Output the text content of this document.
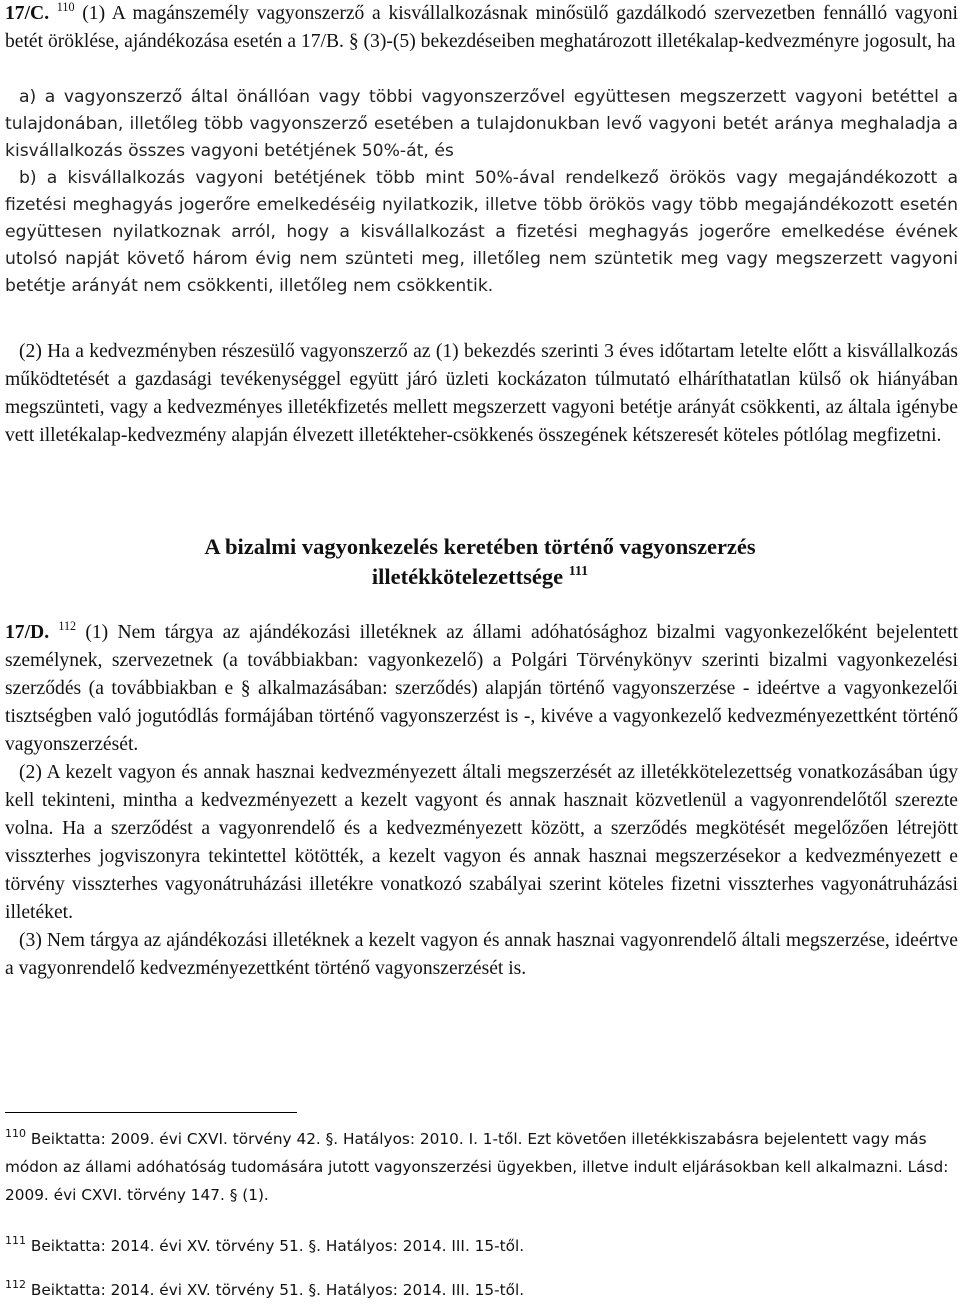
17/C. $^{110}$ (1) A magánszemély vagyonszerző a kisvállalkozásnak minősülő gazdálkodó szervezetben fennálló vagyoni betét öröklése, ajándékozása esetén a 17/B. § (3)-(5) bekezdéseiben meghatározott illetékalap-kedvezményre jogosult, ha

a) a vagyonszerző által önállóan vagy többi vagyonszerzővel együttesen megszerzett vagyoni betéttel a tulajdonában, illetőleg több vagyonszerző esetében a tulajdonukban levő vagyoni betét aránya meghaladja a kisvállalkozás összes vagyoni betétjének 50%-át, és

b) a kisvállalkozás vagyoni betétjének több mint 50%-ával rendelkező örökös vagy megajándékozott a fizetési meghagyás jogerőre emelkedéséig nyilatkozik, illetve több örökös vagy több megajándékozott esetén együttesen nyilatkoznak arról, hogy a kisvállalkozást a fizetési meghagyás jogerőre emelkedése évének utolsó napját követő három évig nem szünteti meg, illetőleg nem szüntetik meg vagy megszerzett vagyoni betétje arányát nem csökkenti, illetőleg nem csökkentik.

(2) Ha a kedvezményben részesülő vagyonszerző az (1) bekezdés szerinti 3 éves időtartam letelte előtt a kisvállalkozás működtetését a gazdasági tevékenységgel együtt járó üzleti kockázaton túlmutató elháríthatatlan külső ok hiányában megszünteti, vagy a kedvezményes illetékfizetés mellett megszerzett vagyoni betétje arányát csökkenti, az általa igénybe vett illetékalap-kedvezmény alapján élvezett illetékteher-csökkenés összegének kétszeresét köteles pótlólag megfizetni.

A bizalmi vagyonkezelés keretében történő vagyonszerzés
illetékkötelezettsége $^{111}$

17/D. $^{112}$ (1) Nem tárgya az ajándékozási illetéknek az állami adóhatósághoz bizalmi vagyonkezelőként bejelentett személynek, szervezetnek (a továbbiakban: vagyonkezelő) a Polgári Törvénykönyv szerinti bizalmi vagyonkezelési szerződés (a továbbiakban e § alkalmazásában: szerződés) alapján történő vagyonszerzése - ideértve a vagyonkezelői tisztségben való jogutódlás formájában történő vagyonszerzést is -, kivéve a vagyonkezelő kedvezményezettként történő vagyonszerzését.

(2) A kezelt vagyon és annak hasznai kedvezményezett általi megszerzését az illetékkötelezettség vonatkozásában úgy kell tekinteni, mintha a kedvezményezett a kezelt vagyont és annak hasznait közvetlenül a vagyonrendelőtől szerezte volna. Ha a szerződést a vagyonrendelő és a kedvezményezett között, a szerződés megkötését megelőzően létrejött visszterhes jogviszonyra tekintettel kötötték, a kezelt vagyon és annak hasznai megszerzésekor a kedvezményezett e törvény visszterhes vagyonátruházási illetékre vonatkozó szabályai szerint köteles fizetni visszterhes vagyonátruházási illetéket.

(3) Nem tárgya az ajándékozási illetéknek a kezelt vagyon és annak hasznai vagyonrendelő általi megszerzése, ideértve a vagyonrendelő kedvezményezettként történő vagyonszerzését is.

$^{110}$ Beiktatta: 2009. évi CXVI. törvény 42. §. Hatályos: 2010. I. 1-től. Ezt követően illetékkiszabásra bejelentett vagy más módon az állami adóhatóság tudomására jutott vagyonszerzési ügyekben, illetve indult eljárásokban kell alkalmazni. Lásd: 2009. évi CXVI. törvény 147. § (1).
$^{111}$ Beiktatta: 2014. évi XV. törvény 51. §. Hatályos: 2014. III. 15-től.
$^{112}$ Beiktatta: 2014. évi XV. törvény 51. §. Hatályos: 2014. III. 15-től.
